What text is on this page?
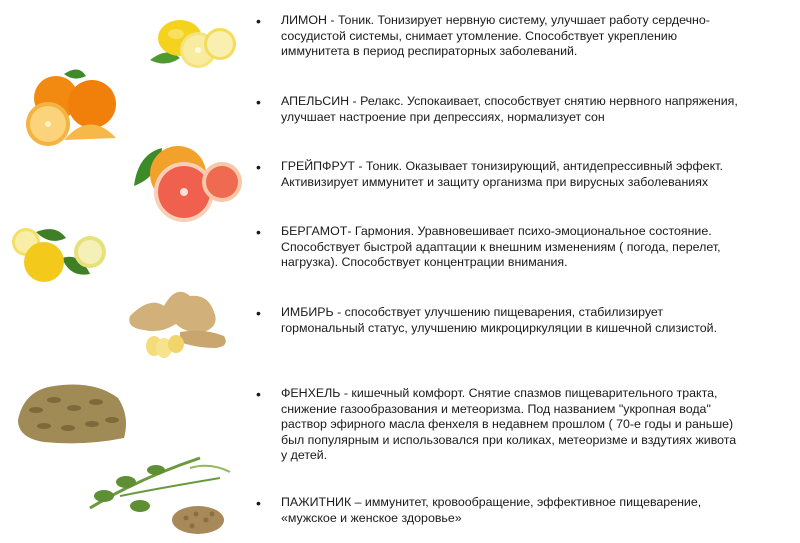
• ЛИМОН - Тоник. Тонизирует нервную систему, улучшает работу сердечно-
сосудистой системы, снимает утомление. Способствует укреплению
иммунитета в период респираторных заболеваний.
• АПЕЛЬСИН - Релакс. Успокаивает, способствует снятию нервного напряжения,
улучшает настроение при депрессиях, нормализует сон
• ГРЕЙПФРУТ - Тоник. Оказывает тонизирующий, антидепрессивный эффект.
Активизирует иммунитет и защиту организма при вирусных заболеваниях
• БЕРГАМОТ- Гармония. Уравновешивает психо-эмоциональное состояние.
Способствует быстрой адаптации к внешним изменениям ( погода, перелет,
нагрузка). Способствует концентрации внимания.
• ИМБИРЬ - способствует улучшению пищеварения, стабилизирует
гормональный статус, улучшению микроциркуляции в кишечной слизистой.
• ФЕНХЕЛЬ - кишечный комфорт. Снятие спазмов пищеварительного тракта,
снижение газообразования и метеоризма. Под названием "укропная вода"
раствор эфирного масла фенхеля в недавнем прошлом ( 70-е годы и раньше)
был популярным и использовался при коликах, метеоризме и вздутиях живота
у детей.
• ПАЖИТНИК – иммунитет, кровообращение, эффективное пищеварение,
«мужское и женское здоровье»
